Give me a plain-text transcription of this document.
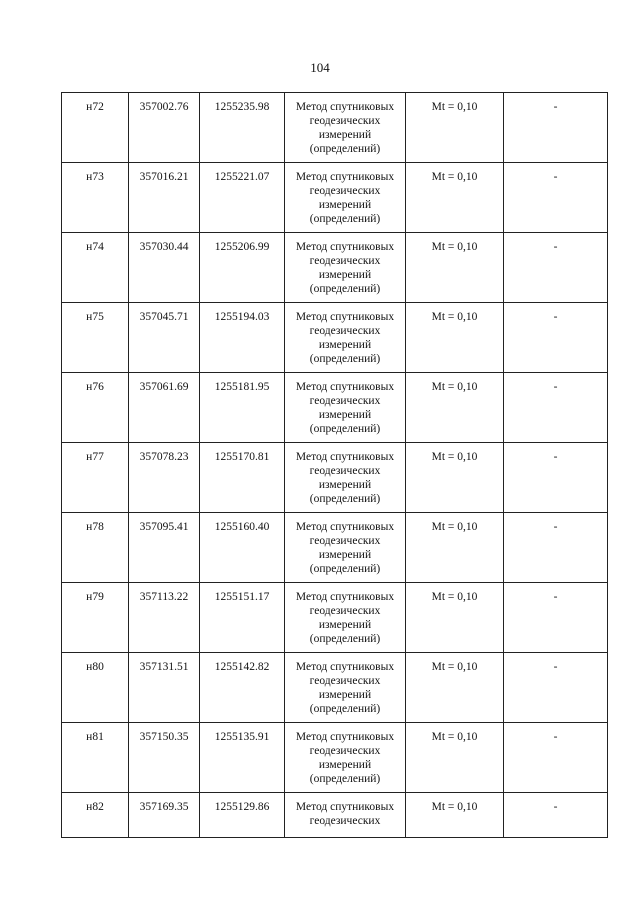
104
н72	357002.76	1255235.98	Метод спутниковых геодезических измерений (определений)	Mt = 0,10	-
н73	357016.21	1255221.07	Метод спутниковых геодезических измерений (определений)	Mt = 0,10	-
н74	357030.44	1255206.99	Метод спутниковых геодезических измерений (определений)	Mt = 0,10	-
н75	357045.71	1255194.03	Метод спутниковых геодезических измерений (определений)	Mt = 0,10	-
н76	357061.69	1255181.95	Метод спутниковых геодезических измерений (определений)	Mt = 0,10	-
н77	357078.23	1255170.81	Метод спутниковых геодезических измерений (определений)	Mt = 0,10	-
н78	357095.41	1255160.40	Метод спутниковых геодезических измерений (определений)	Mt = 0,10	-
н79	357113.22	1255151.17	Метод спутниковых геодезических измерений (определений)	Mt = 0,10	-
н80	357131.51	1255142.82	Метод спутниковых геодезических измерений (определений)	Mt = 0,10	-
н81	357150.35	1255135.91	Метод спутниковых геодезических измерений (определений)	Mt = 0,10	-
н82	357169.35	1255129.86	Метод спутниковых геодезических	Mt = 0,10	-
